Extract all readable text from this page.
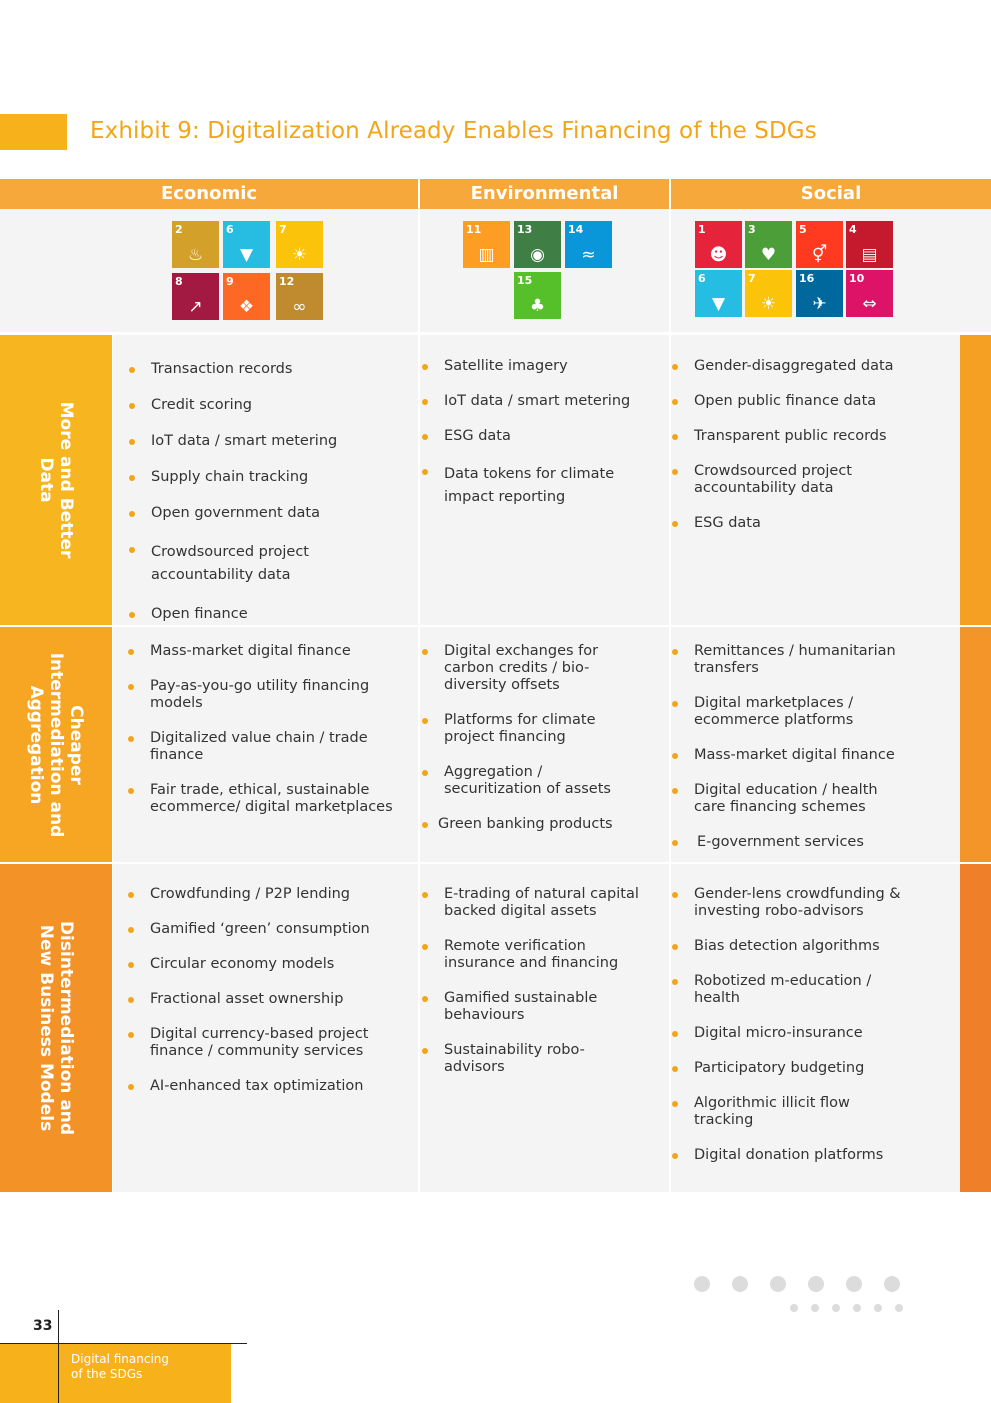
Exhibit 9: Digitalization Already Enables Financing of the SDGs
Economic	Environmental	Social
2
♨
6
▼
7
☀
8
↗
9
❖
12
∞
11
▥
13
◉
14
≈
15
♣
1
☻
3
♥
5
⚥
4
▤
6
▼
7
☀
16
✈
10
⇔
More and Better
Data
Cheaper
Intermediation and
Aggregation
Disintermediation and
New Business Models
Transaction records
Credit scoring
IoT data / smart metering
Supply chain tracking
Open government data
Crowdsourced project accountability data
Open finance
Satellite imagery
IoT data / smart metering
ESG data
Data tokens for climate impact reporting
Gender-disaggregated data
Open public finance data
Transparent public records
Crowdsourced project accountability data
ESG data
Mass-market digital finance
Pay-as-you-go utility financing models
Digitalized value chain / trade finance
Fair trade, ethical, sustainable ecommerce/ digital marketplaces
Digital exchanges for carbon credits / bio-diversity offsets
Platforms for climate project financing
Aggregation / securitization of assets
Green banking products
Remittances / humanitarian transfers
Digital marketplaces / ecommerce platforms
Mass-market digital finance
Digital education / health care financing schemes
E-government services
Crowdfunding / P2P lending
Gamified ‘green’ consumption
Circular economy models
Fractional asset ownership
Digital currency-based project finance / community services
AI-enhanced tax optimization
E-trading of natural capital backed digital assets
Remote verification insurance and financing
Gamified sustainable behaviours
Sustainability robo-advisors
Gender-lens crowdfunding & investing robo-advisors
Bias detection algorithms
Robotized m-education / health
Digital micro-insurance
Participatory budgeting
Algorithmic illicit flow tracking
Digital donation platforms
33
Digital financing
of the SDGs
